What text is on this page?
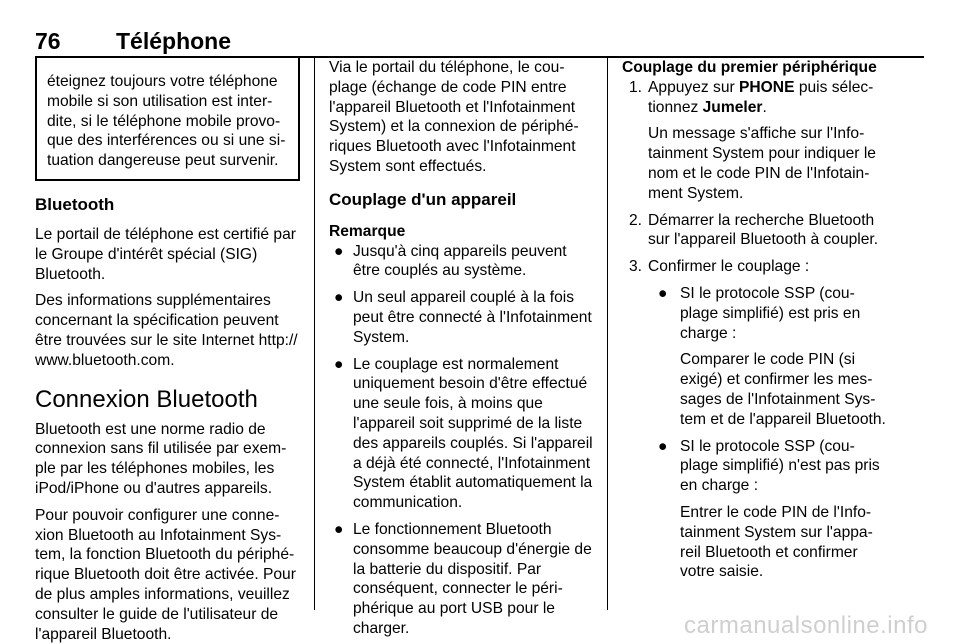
76 Téléphone

éteignez toujours votre téléphone mobile si son utilisation est interdite, si le téléphone mobile provoque des interférences ou si une situation dangereuse peut survenir.

Bluetooth

Le portail de téléphone est certifié par le Groupe d'intérêt spécial (SIG) Bluetooth.

Des informations supplémentaires concernant la spécification peuvent être trouvées sur le site Internet http:// www.bluetooth.com.

Connexion Bluetooth

Bluetooth est une norme radio de connexion sans fil utilisée par exemple par les téléphones mobiles, les iPod/iPhone ou d'autres appareils.

Pour pouvoir configurer une connexion Bluetooth au Infotainment System, la fonction Bluetooth du périphérique Bluetooth doit être activée. Pour de plus amples informations, veuillez consulter le guide de l'utilisateur de l'appareil Bluetooth.

Via le portail du téléphone, le couplage (échange de code PIN entre l'appareil Bluetooth et l'Infotainment System) et la connexion de périphériques Bluetooth avec l'Infotainment System sont effectués.

Couplage d'un appareil

Remarque

● Jusqu'à cinq appareils peuvent être couplés au système.
● Un seul appareil couplé à la fois peut être connecté à l'Infotainment System.
● Le couplage est normalement uniquement besoin d'être effectué une seule fois, à moins que l'appareil soit supprimé de la liste des appareils couplés. Si l'appareil a déjà été connecté, l'Infotainment System établit automatiquement la communication.
● Le fonctionnement Bluetooth consomme beaucoup d'énergie de la batterie du dispositif. Par conséquent, connecter le périphérique au port USB pour le charger.
Couplage du premier périphérique
1. Appuyez sur PHONE puis sélectionnez Jumeler.

Un message s'affiche sur l'Infotainment System pour indiquer le nom et le code PIN de l'Infotainment System.

2. Démarrer la recherche Bluetooth sur l'appareil Bluetooth à coupler.
3. Confirmer le couplage :
● SI le protocole SSP (couplage simplifié) est pris en charge :

Comparer le code PIN (si exigé) et confirmer les messages de l'Infotainment System et de l'appareil Bluetooth.

● SI le protocole SSP (couplage simplifié) n'est pas pris en charge :

Entrer le code PIN de l'Infotainment System sur l'appareil Bluetooth et confirmer votre saisie.

carmanualsonline.info
